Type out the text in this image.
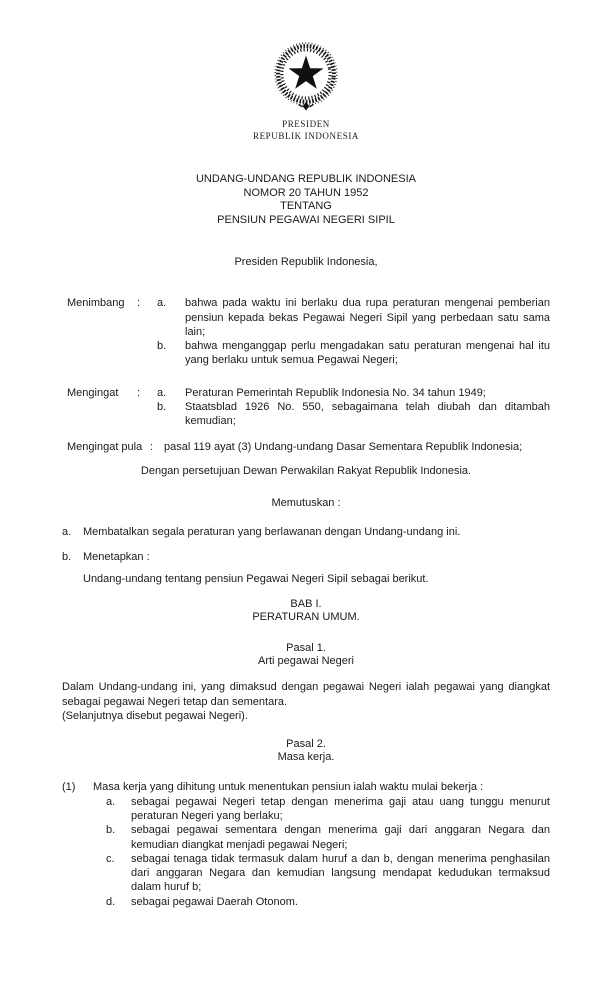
PRESIDEN
REPUBLIK INDONESIA
UNDANG-UNDANG REPUBLIK INDONESIA
NOMOR 20 TAHUN 1952
TENTANG
PENSIUN PEGAWAI NEGERI SIPIL
Presiden Republik Indonesia,
Menimbang	:	a.	bahwa pada waktu ini berlaku dua rupa peraturan mengenai pemberian pensiun kepada bekas Pegawai Negeri Sipil yang perbedaan satu sama lain;
b.	bahwa menganggap perlu mengadakan satu peraturan mengenai hal itu yang berlaku untuk semua Pegawai Negeri;
Mengingat	:	a.	Peraturan Pemerintah Republik Indonesia No. 34 tahun 1949;
b.	Staatsblad 1926 No. 550, sebagaimana telah diubah dan ditambah kemudian;
Mengingat pula : pasal 119 ayat (3) Undang-undang Dasar Sementara Republik Indonesia;
Dengan persetujuan Dewan Perwakilan Rakyat Republik Indonesia.
Memutuskan :
a.	Membatalkan segala peraturan yang berlawanan dengan Undang-undang ini.
b.	Menetapkan :
Undang-undang tentang pensiun Pegawai Negeri Sipil sebagai berikut.
BAB I.
PERATURAN UMUM.
Pasal 1.
Arti pegawai Negeri
Dalam Undang-undang ini, yang dimaksud dengan pegawai Negeri ialah pegawai yang diangkat sebagai pegawai Negeri tetap dan sementara.
(Selanjutnya disebut pegawai Negeri).
Pasal 2.
Masa kerja.
(1)	Masa kerja yang dihitung untuk menentukan pensiun ialah waktu mulai bekerja :
a.	sebagai pegawai Negeri tetap dengan menerima gaji atau uang tunggu menurut peraturan Negeri yang berlaku;
b.	sebagai pegawai sementara dengan menerima gaji dari anggaran Negara dan kemudian diangkat menjadi pegawai Negeri;
c.	sebagai tenaga tidak termasuk dalam huruf a dan b, dengan menerima penghasilan dari anggaran Negara dan kemudian langsung mendapat kedudukan termaksud dalam huruf b;
d.	sebagai pegawai Daerah Otonom.
